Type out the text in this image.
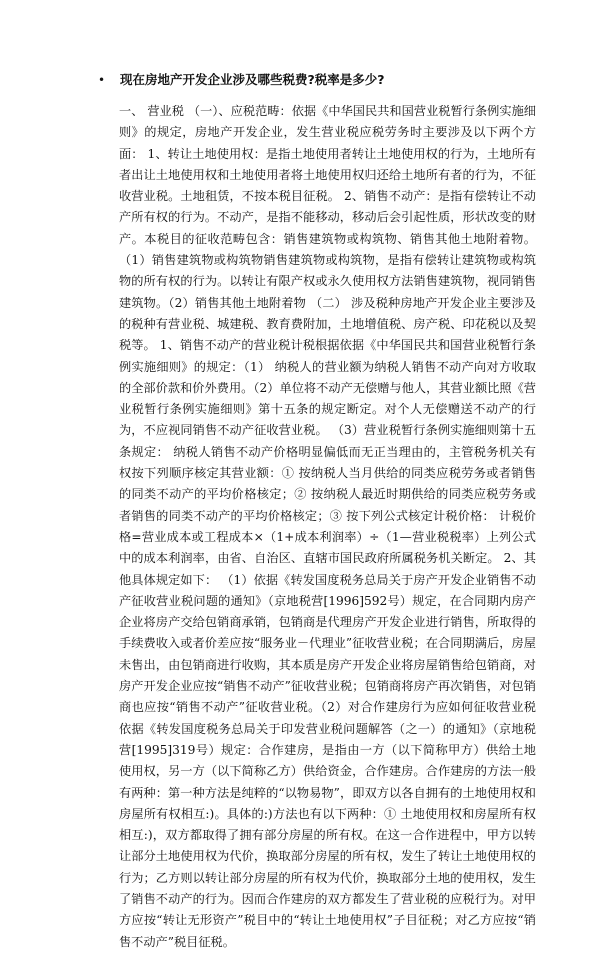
•	现在房地产开发企业涉及哪些税费?税率是多少?

一、 营业税 （一）、应税范畴：依据《中华国民共和国营业税暂行条例实施细则》的规定，房地产开发企业，发生营业税应税劳务时主要涉及以下两个方面： 1、转让土地使用权：是指土地使用者转让土地使用权的行为，土地所有者出让土地使用权和土地使用者将土地使用权归还给土地所有者的行为，不征收营业税。土地租赁，不按本税目征税。 2、销售不动产：是指有偿转让不动产所有权的行为。不动产，是指不能移动，移动后会引起性质，形状改变的财产。本税目的征收范畴包含：销售建筑物或构筑物、销售其他土地附着物。（1）销售建筑物或构筑物销售建筑物或构筑物，是指有偿转让建筑物或构筑物的所有权的行为。以转让有限产权或永久使用权方法销售建筑物，视同销售建筑物。（2）销售其他土地附着物 （二） 涉及税种房地产开发企业主要涉及的税种有营业税、城建税、教育费附加，土地增值税、房产税、印花税以及契税等。 1、销售不动产的营业税计税根据依据《中华国民共和国营业税暂行条例实施细则》的规定：（1） 纳税人的营业额为纳税人销售不动产向对方收取的全部价款和价外费用。（2）单位将不动产无偿赠与他人，其营业额比照《营业税暂行条例实施细则》第十五条的规定断定。对个人无偿赠送不动产的行为，不应视同销售不动产征收营业税。 （3）营业税暂行条例实施细则第十五条规定： 纳税人销售不动产价格明显偏低而无正当理由的，主管税务机关有权按下列顺序核定其营业额：① 按纳税人当月供给的同类应税劳务或者销售的同类不动产的平均价格核定；② 按纳税人最近时期供给的同类应税劳务或者销售的同类不动产的平均价格核定；③ 按下列公式核定计税价格： 计税价格=营业成本或工程成本×（1+成本利润率）÷（1—营业税税率）上列公式中的成本利润率，由省、自治区、直辖市国民政府所属税务机关断定。 2、其他具体规定如下： （1）依据《转发国度税务总局关于房产开发企业销售不动产征收营业税问题的通知》（京地税营[1996]592号）规定，在合同期内房产企业将房产交给包销商承销，包销商是代理房产开发企业进行销售，所取得的手续费收入或者价差应按“服务业－代理业”征收营业税；在合同期满后，房屋未售出，由包销商进行收购，其本质是房产开发企业将房屋销售给包销商，对房产开发企业应按“销售不动产”征收营业税；包销商将房产再次销售，对包销商也应按“销售不动产”征收营业税。（2）对合作建房行为应如何征收营业税 依据《转发国度税务总局关于印发营业税问题解答（之一）的通知》（京地税营[1995]319号）规定：合作建房，是指由一方（以下简称甲方）供给土地使用权，另一方（以下简称乙方）供给资金，合作建房。合作建房的方法一般有两种：第一种方法是纯粹的“以物易物”，即双方以各自拥有的土地使用权和房屋所有权相互:)。具体的:)方法也有以下两种：① 土地使用权和房屋所有权相互:)，双方都取得了拥有部分房屋的所有权。在这一合作进程中，甲方以转让部分土地使用权为代价，换取部分房屋的所有权，发生了转让土地使用权的行为；乙方则以转让部分房屋的所有权为代价，换取部分土地的使用权，发生了销售不动产的行为。因而合作建房的双方都发生了营业税的应税行为。对甲方应按“转让无形资产”税目中的“转让土地使用权”子目征税；对乙方应按“销售不动产”税目征税。
